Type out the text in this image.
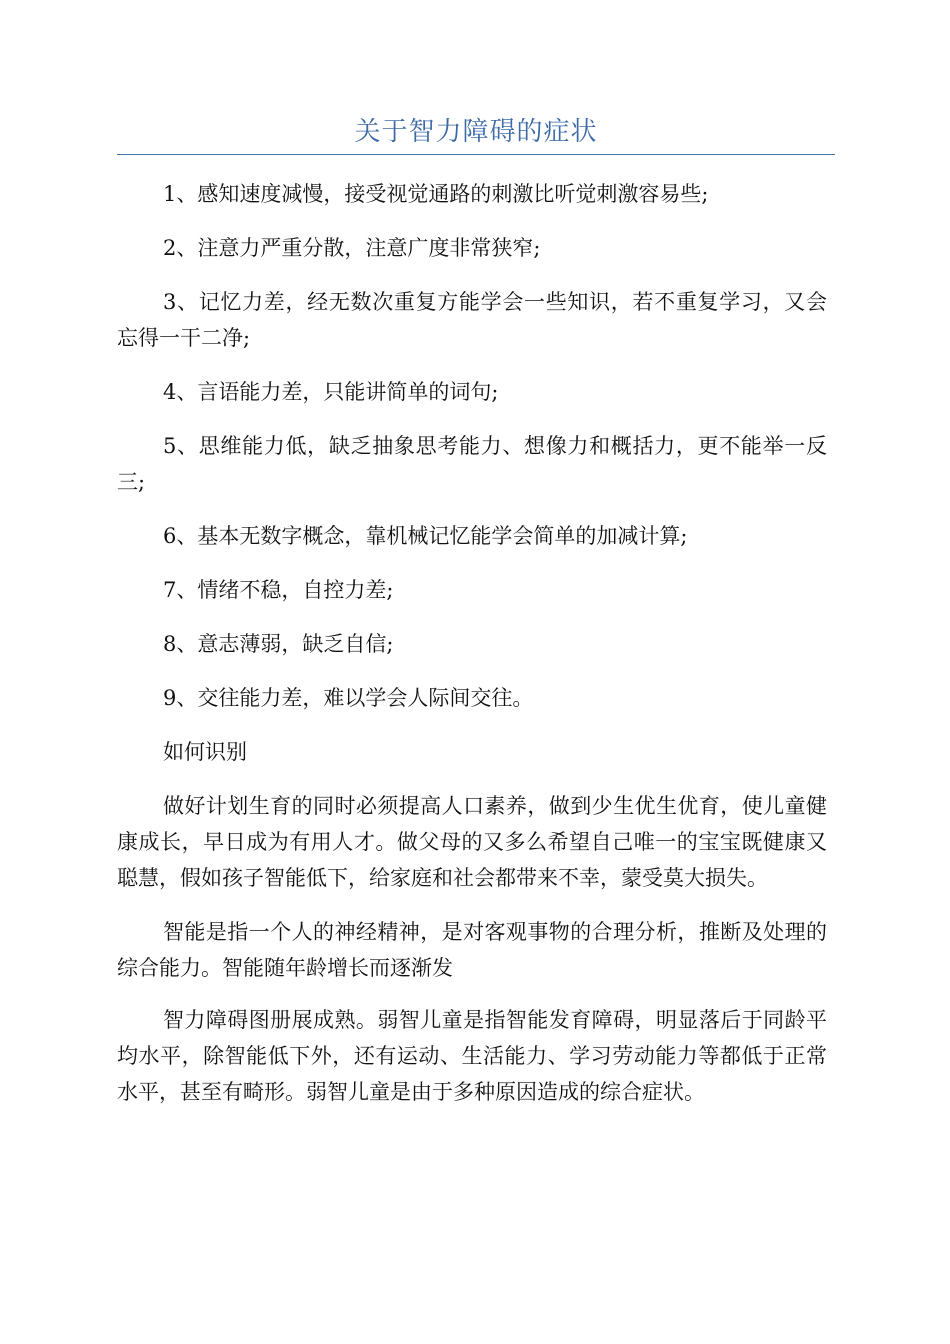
关于智力障碍的症状

1、感知速度减慢，接受视觉通路的刺激比听觉刺激容易些;

2、注意力严重分散，注意广度非常狭窄;

3、记忆力差，经无数次重复方能学会一些知识，若不重复学习，又会忘得一干二净;

4、言语能力差，只能讲简单的词句;

5、思维能力低，缺乏抽象思考能力、想像力和概括力，更不能举一反三;

6、基本无数字概念，靠机械记忆能学会简单的加减计算;

7、情绪不稳，自控力差;

8、意志薄弱，缺乏自信;

9、交往能力差，难以学会人际间交往。

如何识别

做好计划生育的同时必须提高人口素养，做到少生优生优育，使儿童健康成长，早日成为有用人才。做父母的又多么希望自己唯一的宝宝既健康又聪慧，假如孩子智能低下，给家庭和社会都带来不幸，蒙受莫大损失。

智能是指一个人的神经精神，是对客观事物的合理分析，推断及处理的综合能力。智能随年龄增长而逐渐发

智力障碍图册展成熟。弱智儿童是指智能发育障碍，明显落后于同龄平均水平，除智能低下外，还有运动、生活能力、学习劳动能力等都低于正常水平，甚至有畸形。弱智儿童是由于多种原因造成的综合症状。
